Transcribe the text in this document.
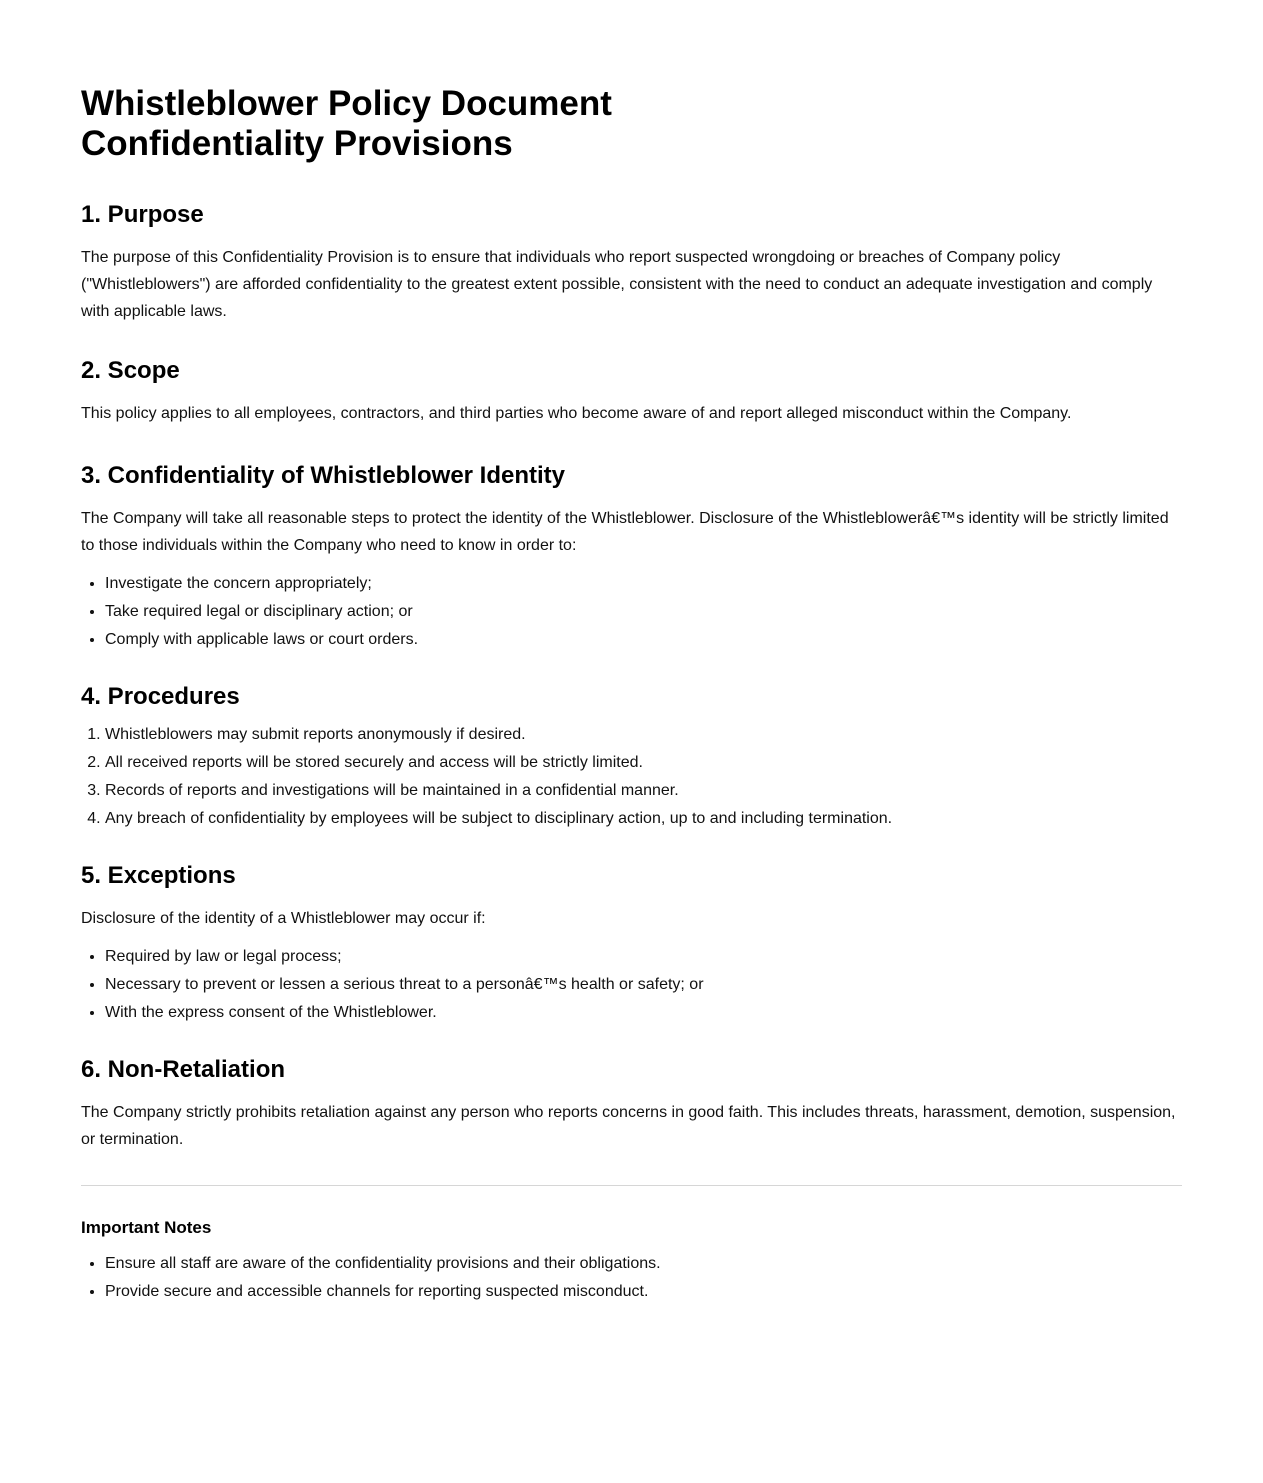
Whistleblower Policy Document
Confidentiality Provisions
1. Purpose

The purpose of this Confidentiality Provision is to ensure that individuals who report suspected wrongdoing or breaches of Company policy ("Whistleblowers") are afforded confidentiality to the greatest extent possible, consistent with the need to conduct an adequate investigation and comply with applicable laws.

2. Scope

This policy applies to all employees, contractors, and third parties who become aware of and report alleged misconduct within the Company.

3. Confidentiality of Whistleblower Identity

The Company will take all reasonable steps to protect the identity of the Whistleblower. Disclosure of the Whistleblowerâ€™s identity will be strictly limited to those individuals within the Company who need to know in order to:

• Investigate the concern appropriately;
• Take required legal or disciplinary action; or
• Comply with applicable laws or court orders.
4. Procedures
1. Whistleblowers may submit reports anonymously if desired.
2. All received reports will be stored securely and access will be strictly limited.
3. Records of reports and investigations will be maintained in a confidential manner.
4. Any breach of confidentiality by employees will be subject to disciplinary action, up to and including termination.
5. Exceptions

Disclosure of the identity of a Whistleblower may occur if:

• Required by law or legal process;
• Necessary to prevent or lessen a serious threat to a personâ€™s health or safety; or
• With the express consent of the Whistleblower.
6. Non-Retaliation

The Company strictly prohibits retaliation against any person who reports concerns in good faith. This includes threats, harassment, demotion, suspension, or termination.

Important Notes
• Ensure all staff are aware of the confidentiality provisions and their obligations.
• Provide secure and accessible channels for reporting suspected misconduct.
